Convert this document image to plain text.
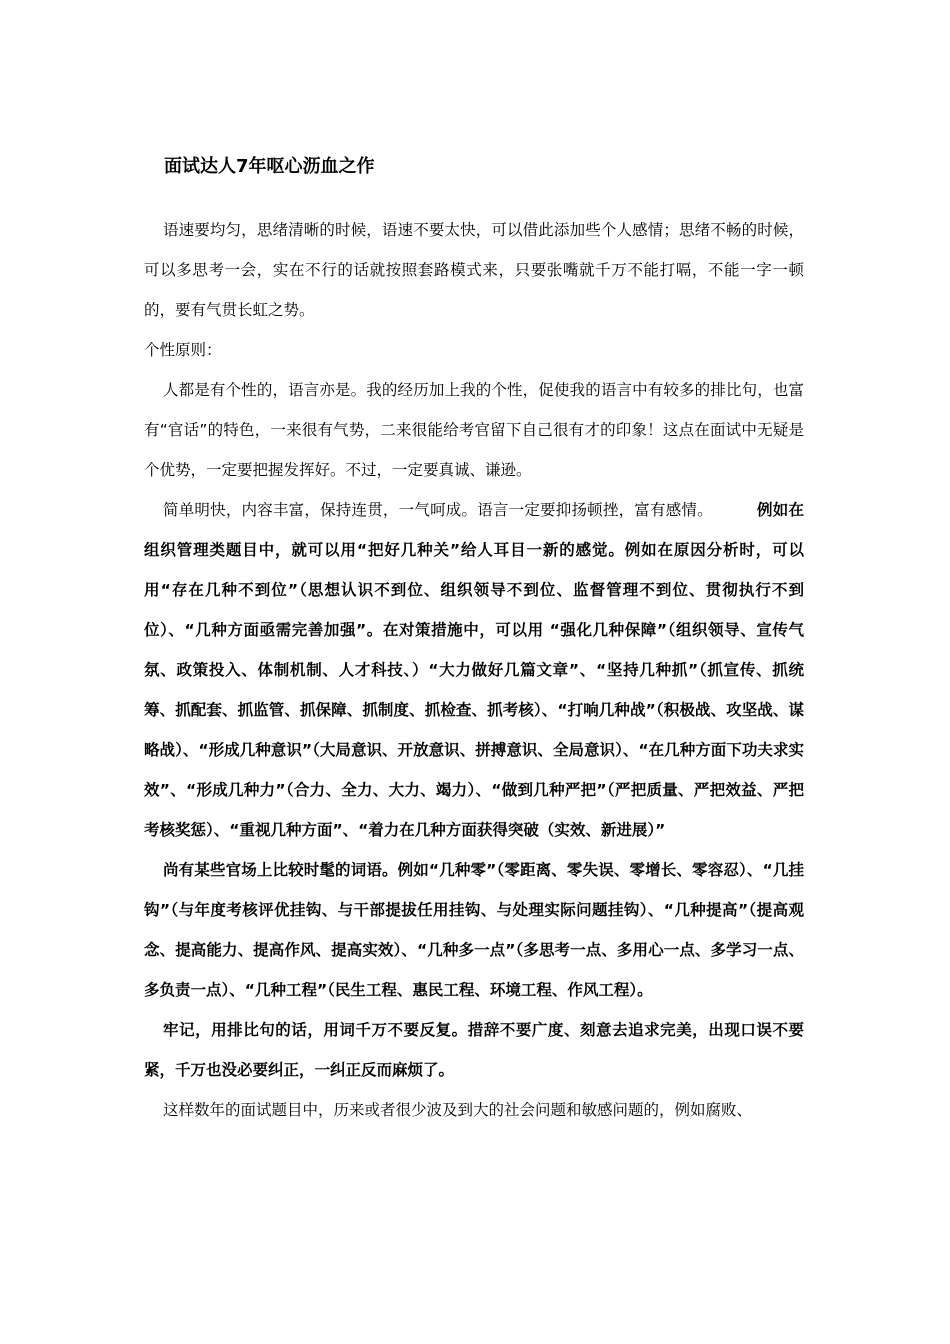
面试达人7年呕心沥血之作

语速要均匀，思绪清晰的时候，语速不要太快，可以借此添加些个人感情；思绪不畅的时候，可以多思考一会，实在不行的话就按照套路模式来，只要张嘴就千万不能打嗝，不能一字一顿的，要有气贯长虹之势。

个性原则：

人都是有个性的，语言亦是。我的经历加上我的个性，促使我的语言中有较多的排比句，也富有“官话”的特色，一来很有气势，二来很能给考官留下自己很有才的印象！这点在面试中无疑是个优势，一定要把握发挥好。不过，一定要真诚、谦逊。

简单明快，内容丰富，保持连贯，一气呵成。语言一定要抑扬顿挫，富有感情。	例如在组织管理类题目中，就可以用“把好几种关”给人耳目一新的感觉。例如在原因分析时，可以用“存在几种不到位”（思想认识不到位、组织领导不到位、监督管理不到位、贯彻执行不到位）、“几种方面亟需完善加强”。在对策措施中，可以用 “强化几种保障”（组织领导、宣传气氛、政策投入、体制机制、人才科技、）“大力做好几篇文章”、“坚持几种抓”（抓宣传、抓统筹、抓配套、抓监管、抓保障、抓制度、抓检查、抓考核）、“打响几种战”（积极战、攻坚战、谋略战）、“形成几种意识”（大局意识、开放意识、拼搏意识、全局意识）、“在几种方面下功夫求实效”、“形成几种力”（合力、全力、大力、竭力）、“做到几种严把”（严把质量、严把效益、严把考核奖惩）、“重视几种方面”、“着力在几种方面获得突破（实效、新进展）”

尚有某些官场上比较时髦的词语。例如“几种零”（零距离、零失误、零增长、零容忍）、“几挂钩”（与年度考核评优挂钩、与干部提拔任用挂钩、与处理实际问题挂钩）、“几种提高”（提高观念、提高能力、提高作风、提高实效）、“几种多一点”（多思考一点、多用心一点、多学习一点、多负责一点）、“几种工程”（民生工程、惠民工程、环境工程、作风工程）。

牢记，用排比句的话，用词千万不要反复。措辞不要广度、刻意去追求完美，出现口误不要紧，千万也没必要纠正，一纠正反而麻烦了。

这样数年的面试题目中，历来或者很少波及到大的社会问题和敏感问题的，例如腐败、
